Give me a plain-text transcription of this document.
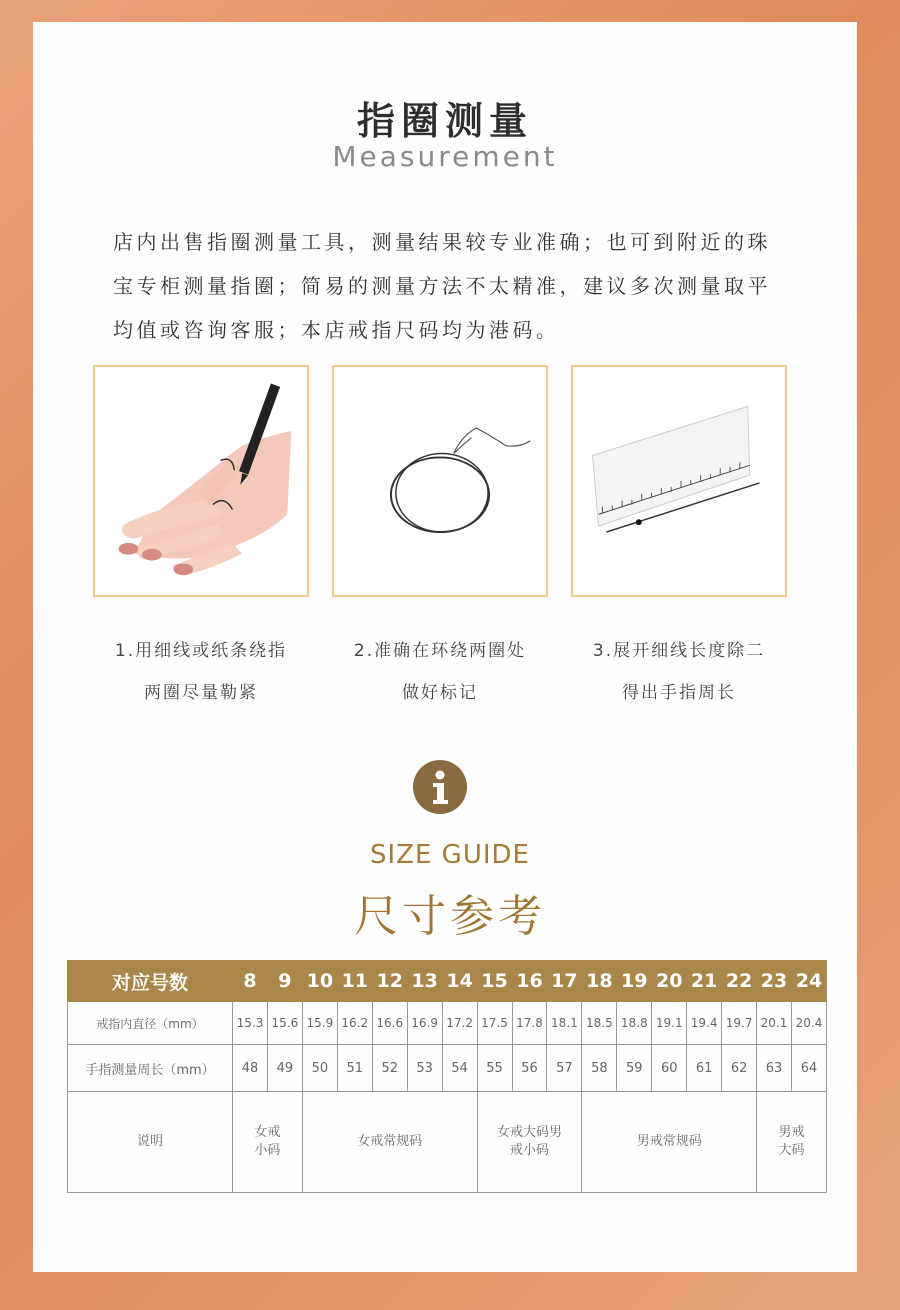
指圈测量
Measurement
店内出售指圈测量工具，测量结果较专业准确；也可到附近的珠宝专柜测量指圈；简易的测量方法不太精准，建议多次测量取平均值或咨询客服；本店戒指尺码均为港码。
1.用细线或纸条绕指
两圈尽量勒紧
2.准确在环绕两圈处
做好标记
3.展开细线长度除二
得出手指周长
SIZE GUIDE
尺寸参考
对应号数	8	9	10	11	12	13	14	15	16	17	18	19	20	21	22	23	24
戒指内直径（mm）	15.3	15.6	15.9	16.2	16.6	16.9	17.2	17.5	17.8	18.1	18.5	18.8	19.1	19.4	19.7	20.1	20.4
手指测量周长（mm）	48	49	50	51	52	53	54	55	56	57	58	59	60	61	62	63	64
说明	女戒小码		女戒常规码					女戒大码男戒小码			男戒常规码					男戒大码	
